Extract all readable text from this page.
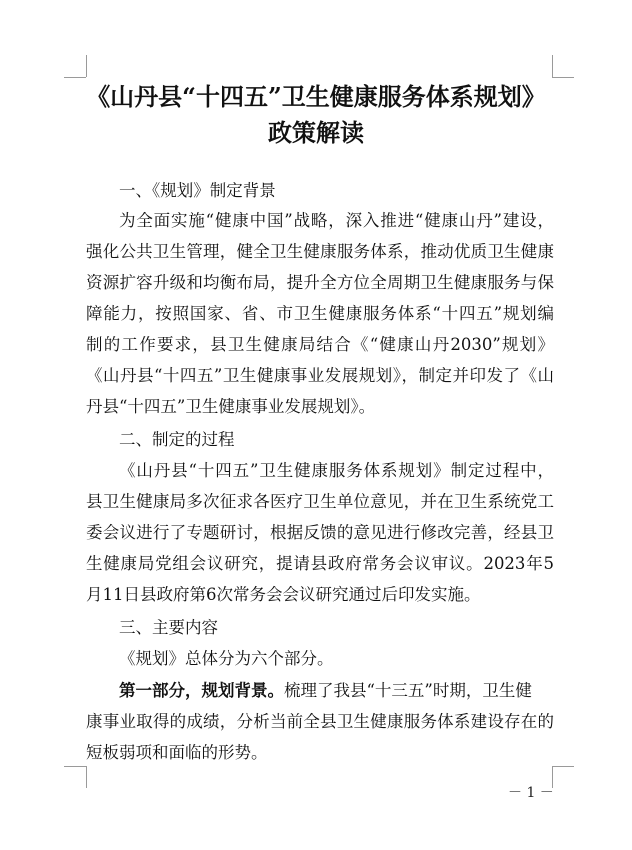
《山丹县“十四五”卫生健康服务体系规划》
政策解读
一、《规划》制定背景
为全面实施“健康中国”战略，深入推进“健康山丹”建设，
强化公共卫生管理，健全卫生健康服务体系，推动优质卫生健康
资源扩容升级和均衡布局，提升全方位全周期卫生健康服务与保
障能力，按照国家、省、市卫生健康服务体系“十四五”规划编
制的工作要求，县卫生健康局结合《“健康山丹2030”规划》
《山丹县“十四五”卫生健康事业发展规划》，制定并印发了《山
丹县“十四五”卫生健康事业发展规划》。
二、制定的过程
《山丹县“十四五”卫生健康服务体系规划》制定过程中，
县卫生健康局多次征求各医疗卫生单位意见，并在卫生系统党工
委会议进行了专题研讨，根据反馈的意见进行修改完善，经县卫
生健康局党组会议研究，提请县政府常务会议审议。2023年5
月11日县政府第6次常务会会议研究通过后印发实施。
三、主要内容
《规划》总体分为六个部分。
第一部分，规划背景。梳理了我县“十三五”时期，卫生健
康事业取得的成绩，分析当前全县卫生健康服务体系建设存在的
短板弱项和面临的形势。
－ 1 －
